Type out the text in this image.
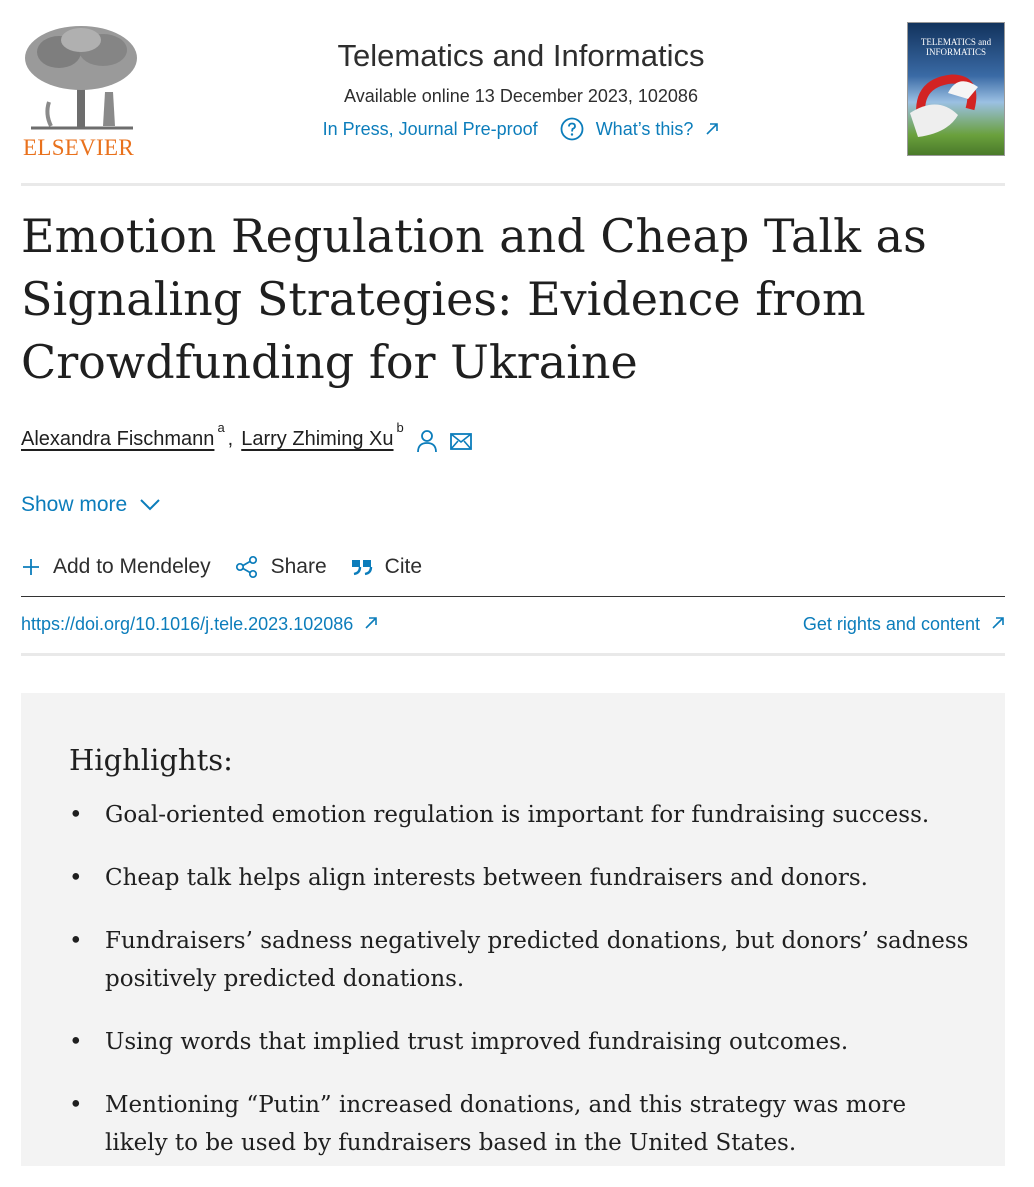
ELSEVIER
Telematics and Informatics
Available online 13 December 2023, 102086
In Press, Journal Pre-proof	What’s this?
TELEMATICS and INFORMATICS
Emotion Regulation and Cheap Talk as Signaling Strategies: Evidence from Crowdfunding for Ukraine
Alexandra Fischmann
a
, Larry Zhiming Xu
b
Show more
Add to Mendeley	Share	Cite
https://doi.org/10.1016/j.tele.2023.102086	Get rights and content
Highlights:
• Goal-oriented emotion regulation is important for fundraising success.
• Cheap talk helps align interests between fundraisers and donors.
• Fundraisers’ sadness negatively predicted donations, but donors’ sadness positively predicted donations.
• Using words that implied trust improved fundraising outcomes.
• Mentioning “Putin” increased donations, and this strategy was more likely to be used by fundraisers based in the United States.
